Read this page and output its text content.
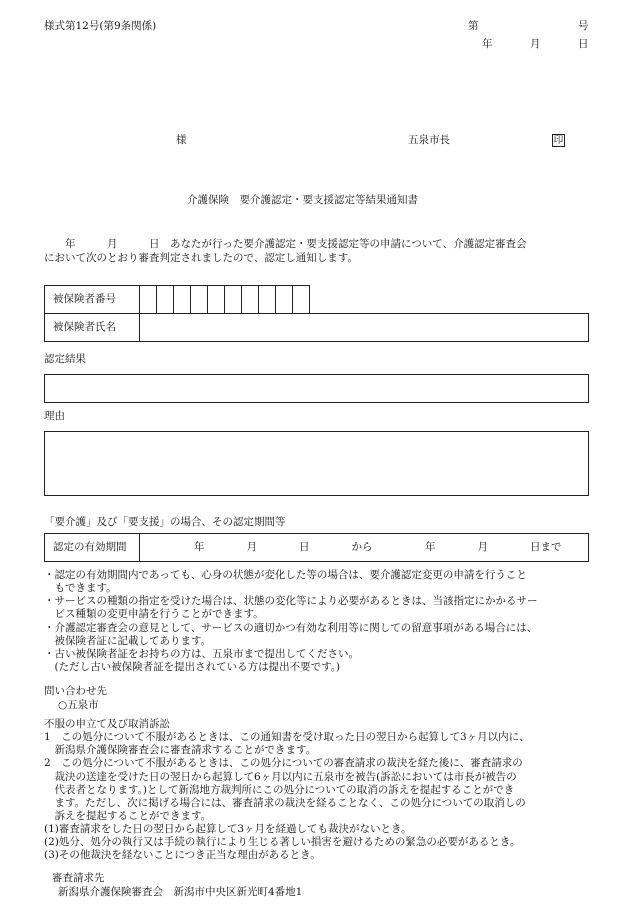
様式第12号(第9条関係)	第	号
年	月	日
様	五泉市長	印
介護保険　要介護認定・要支援認定等結果通知書
　　年　　　月　　　日　あなたが行った要介護認定・要支援認定等の申請について、介護認定審査会
において次のとおり審査判定されましたので、認定し通知します。
被保険者番号											
被保険者氏名											
認定結果
理由
「要介護」及び「要支援」の場合、その認定期間等
認定の有効期間	年　　　　月　　　　日　　　　から　　　　　年　　　　月　　　　日まで
・認定の有効期間内であっても、心身の状態が変化した等の場合は、要介護認定変更の申請を行うこと
　もできます。
・サービスの種類の指定を受けた場合は、状態の変化等により必要があるときは、当該指定にかかるサー
　ビス種類の変更申請を行うことができます。
・介護認定審査会の意見として、サービスの適切かつ有効な利用等に関しての留意事項がある場合には、
　被保険者証に記載してあります。
・古い被保険者証をお持ちの方は、五泉市まで提出してください。
　(ただし古い被保険者証を提出されている方は提出不要です。)
問い合わせ先
○五泉市
不服の申立て及び取消訴訟
1　この処分について不服があるときは、この通知書を受け取った日の翌日から起算して3ヶ月以内に、
　新潟県介護保険審査会に審査請求することができます。
2　この処分について不服があるときは、この処分についての審査請求の裁決を経た後に、審査請求の
　裁決の送達を受けた日の翌日から起算して6ヶ月以内に五泉市を被告(訴訟においては市長が被告の
　代表者となります。)として新潟地方裁判所にこの処分についての取消の訴えを提起することができ
　ます。ただし、次に掲げる場合には、審査請求の裁決を経ることなく、この処分についての取消しの
　訴えを提起することができます。
(1)審査請求をした日の翌日から起算して3ヶ月を経過しても裁決がないとき。
(2)処分、処分の執行又は手続の執行により生じる著しい損害を避けるための緊急の必要があるとき。
(3)その他裁決を経ないことにつき正当な理由があるとき。
審査請求先
新潟県介護保険審査会　新潟市中央区新光町4番地1
